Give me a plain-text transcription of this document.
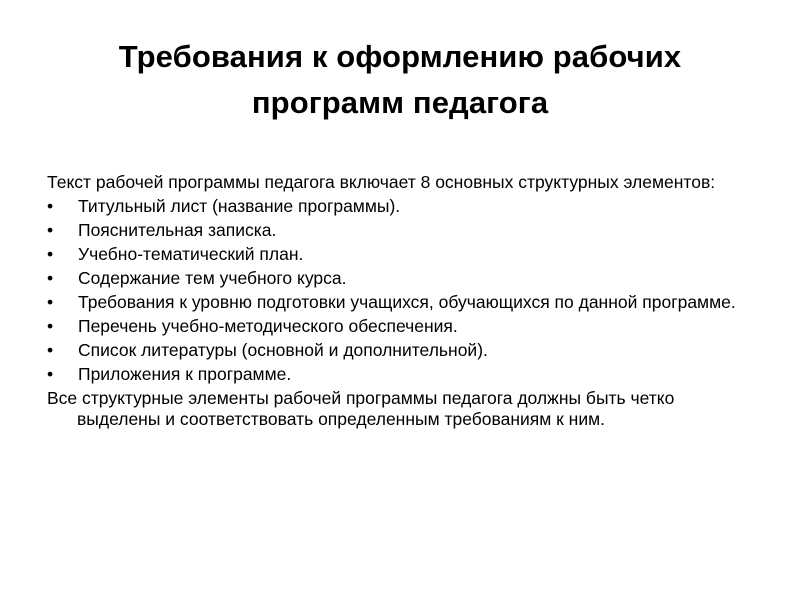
Требования к оформлению рабочих
программ педагога

Текст рабочей программы педагога включает 8 основных структурных элементов:

•	Титульный лист (название программы).
•	Пояснительная записка.
•	Учебно-тематический план.
•	Содержание тем учебного курса.
•	Требования к уровню подготовки учащихся, обучающихся по данной программе.
•	Перечень учебно-методического обеспечения.
•	Список литературы (основной и дополнительной).
•	Приложения к программе.

Все структурные элементы рабочей программы педагога должны быть четко выделены и соответствовать определенным требованиям к ним.
